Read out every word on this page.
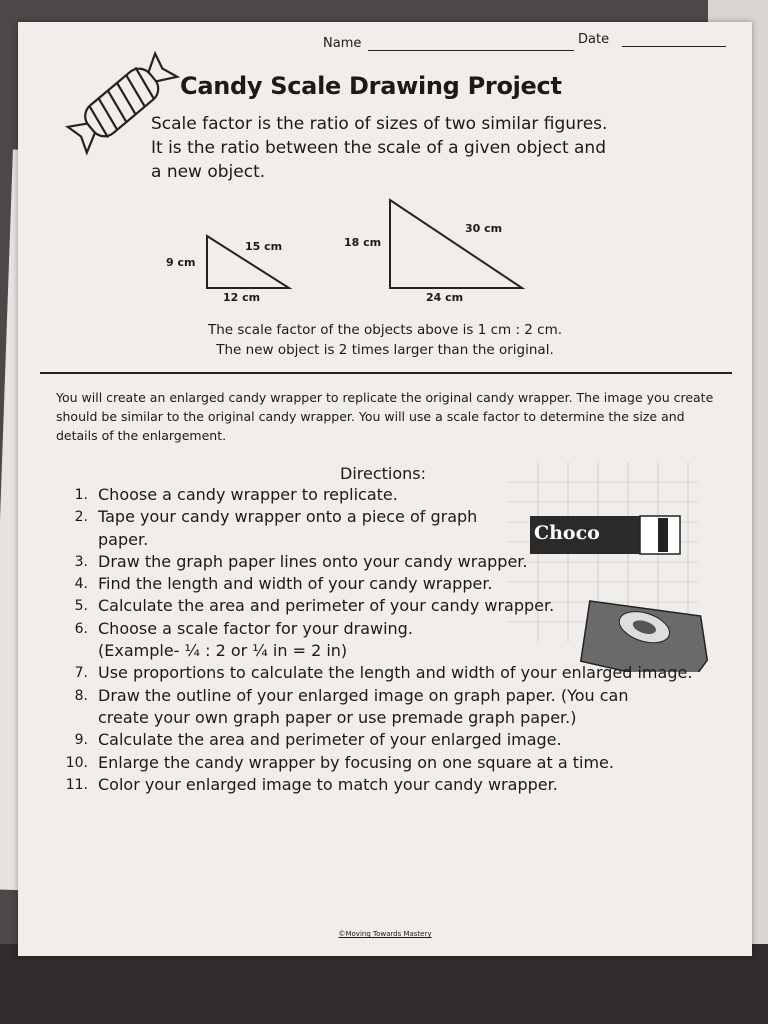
Name	Date
Candy Scale Drawing Project
Scale factor is the ratio of sizes of two similar figures. It is the ratio between the scale of a given object and a new object.
9 cm
15 cm
12 cm
18 cm
30 cm
24 cm
The scale factor of the objects above is 1 cm : 2 cm.
The new object is 2 times larger than the original.
You will create an enlarged candy wrapper to replicate the original candy wrapper. The image you create should be similar to the original candy wrapper. You will use a scale factor to determine the size and details of the enlargement.
Directions:
Choco
1. Choose a candy wrapper to replicate.
2. Tape your candy wrapper onto a piece of graph paper.
3. Draw the graph paper lines onto your candy wrapper.
4. Find the length and width of your candy wrapper.
5. Calculate the area and perimeter of your candy wrapper.
6. Choose a scale factor for your drawing. (Example- ¼ : 2 or ¼ in = 2 in)
7. Use proportions to calculate the length and width of your enlarged image.
8. Draw the outline of your enlarged image on graph paper. (You can create your own graph paper or use premade graph paper.)
9. Calculate the area and perimeter of your enlarged image.
10. Enlarge the candy wrapper by focusing on one square at a time.
11. Color your enlarged image to match your candy wrapper.
©Moving Towards Mastery
